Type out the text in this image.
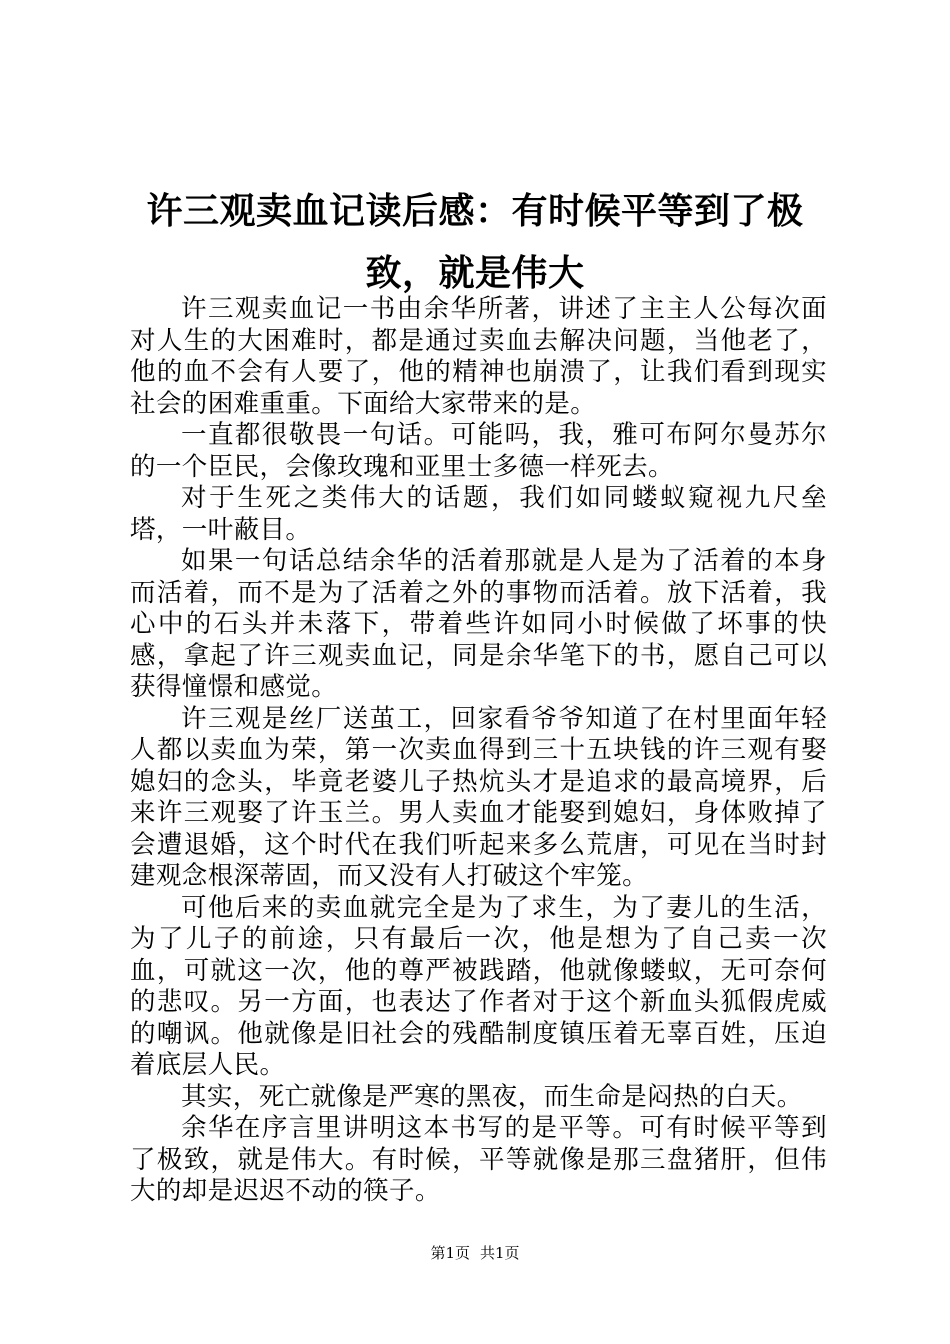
许三观卖血记读后感：有时候平等到了极致，就是伟大

许三观卖血记一书由余华所著，讲述了主主人公每次面对人生的大困难时，都是通过卖血去解决问题，当他老了，他的血不会有人要了，他的精神也崩溃了，让我们看到现实社会的困难重重。下面给大家带来的是。

一直都很敬畏一句话。可能吗，我，雅可布阿尔曼苏尔的一个臣民，会像玫瑰和亚里士多德一样死去。

对于生死之类伟大的话题，我们如同蝼蚁窥视九尺垒塔，一叶蔽目。

如果一句话总结余华的活着那就是人是为了活着的本身而活着，而不是为了活着之外的事物而活着。放下活着，我心中的石头并未落下，带着些许如同小时候做了坏事的快感，拿起了许三观卖血记，同是余华笔下的书，愿自己可以获得憧憬和感觉。

许三观是丝厂送茧工，回家看爷爷知道了在村里面年轻人都以卖血为荣，第一次卖血得到三十五块钱的许三观有娶媳妇的念头，毕竟老婆儿子热炕头才是追求的最高境界，后来许三观娶了许玉兰。男人卖血才能娶到媳妇，身体败掉了会遭退婚，这个时代在我们听起来多么荒唐，可见在当时封建观念根深蒂固，而又没有人打破这个牢笼。

可他后来的卖血就完全是为了求生，为了妻儿的生活，为了儿子的前途，只有最后一次，他是想为了自己卖一次血，可就这一次，他的尊严被践踏，他就像蝼蚁，无可奈何的悲叹。另一方面，也表达了作者对于这个新血头狐假虎威的嘲讽。他就像是旧社会的残酷制度镇压着无辜百姓，压迫着底层人民。

其实，死亡就像是严寒的黑夜，而生命是闷热的白天。

余华在序言里讲明这本书写的是平等。可有时候平等到了极致，就是伟大。有时候，平等就像是那三盘猪肝，但伟大的却是迟迟不动的筷子。

第1页 共1页
